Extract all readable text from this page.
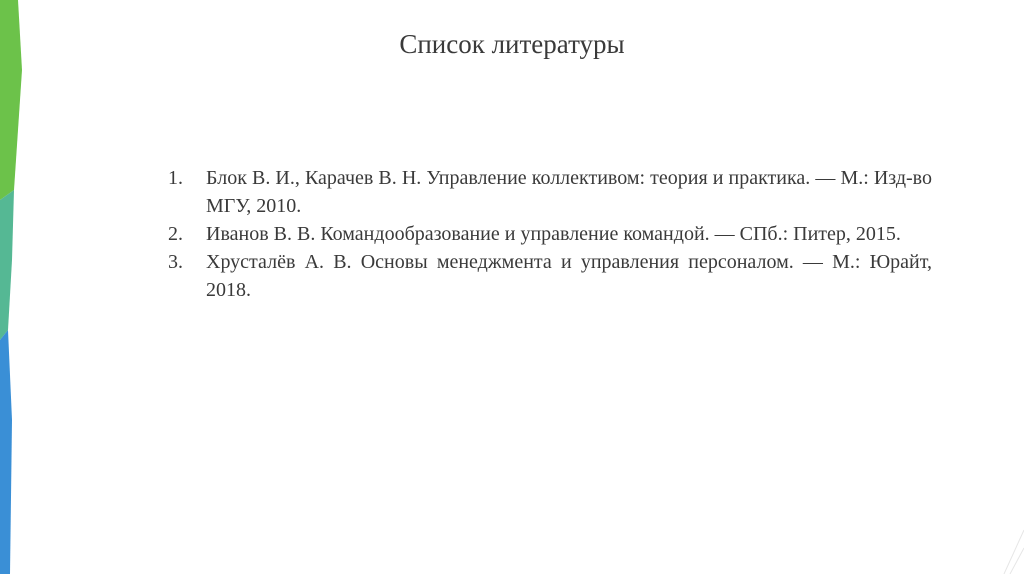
Список литературы
1.	Блок В. И., Карачев В. Н. Управление коллективом: теория и практика. — М.: Изд-во МГУ, 2010.
2.	Иванов В. В. Командообразование и управление командой. — СПб.: Питер, 2015.
3.	Хрусталёв А. В. Основы менеджмента и управления персоналом. — М.: Юрайт, 2018.
